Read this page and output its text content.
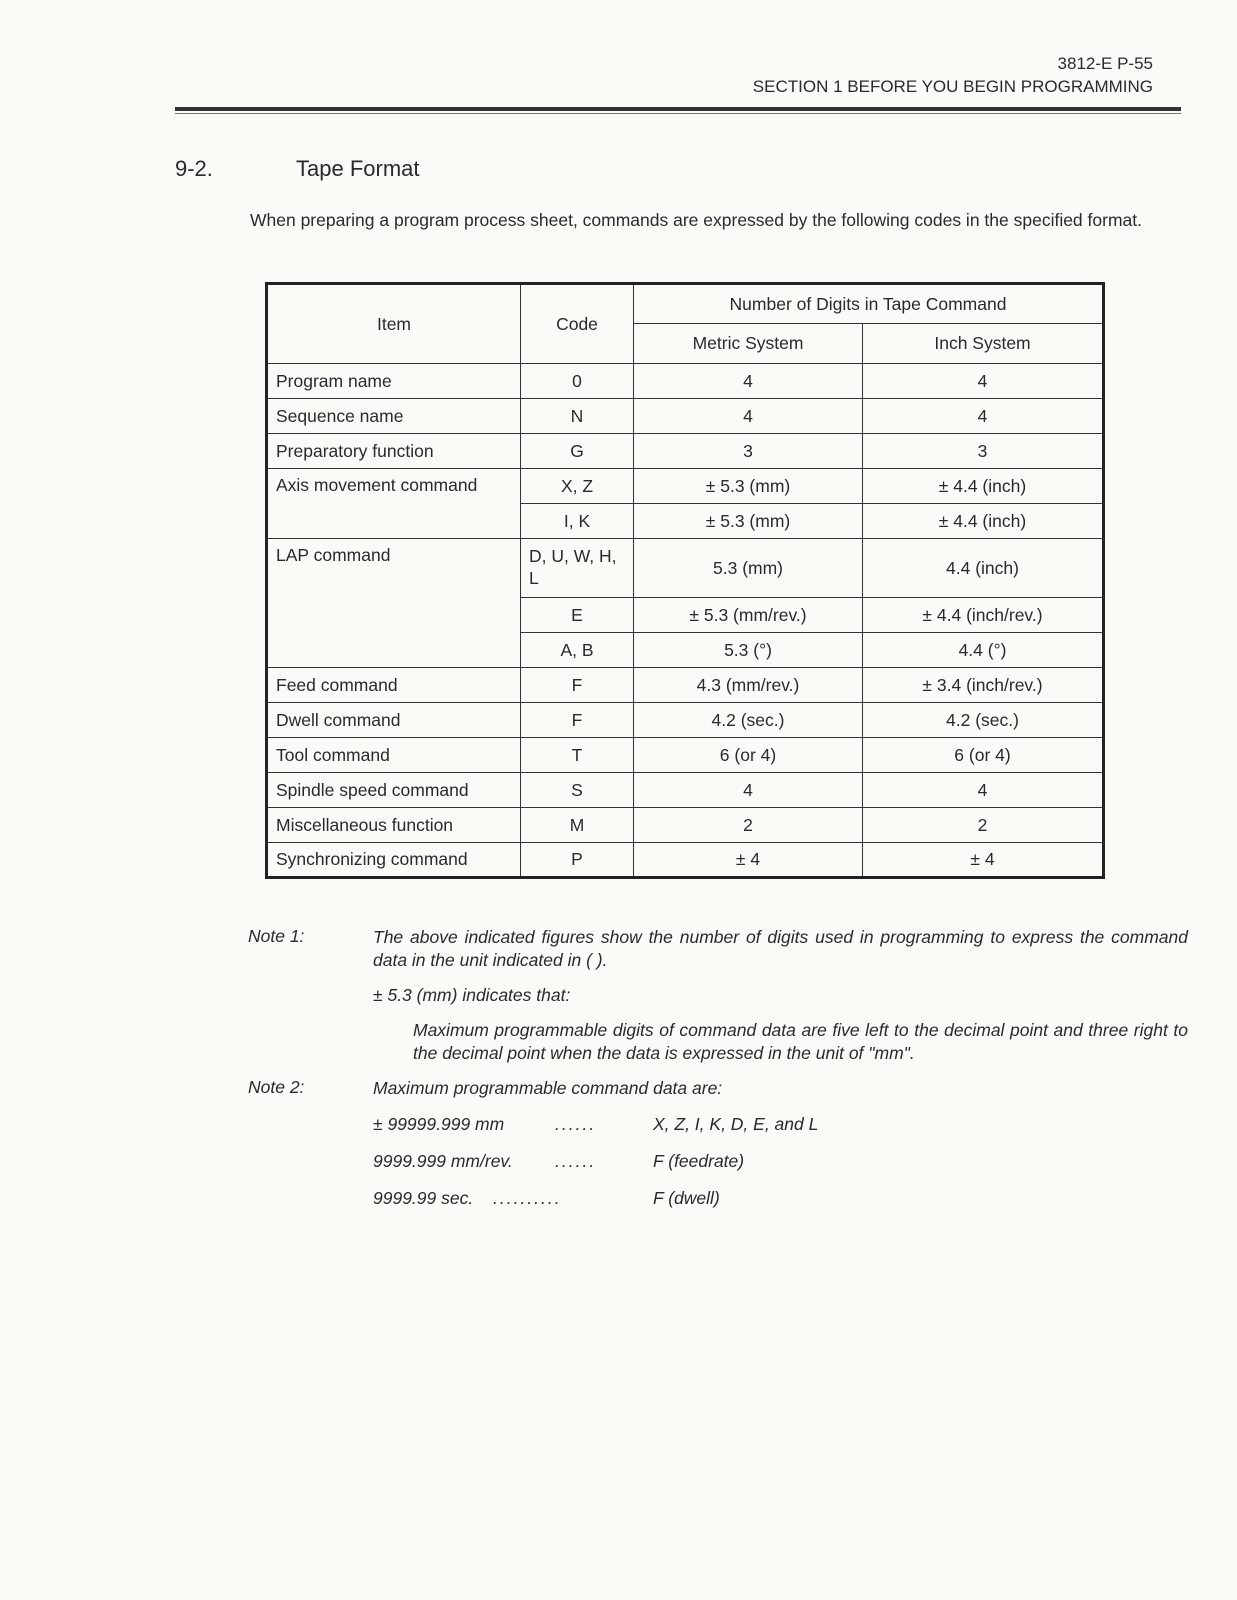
3812-E P-55
SECTION 1 BEFORE YOU BEGIN PROGRAMMING
9-2.	Tape Format
When preparing a program process sheet, commands are expressed by the following codes in the specified format.
Item	Code	Number of Digits in Tape Command	
		Metric System	Inch System
Program name	0	4	4
Sequence name	N	4	4
Preparatory function	G	3	3
Axis movement command	X, Z	± 5.3 (mm)	± 4.4 (inch)
	I, K	± 5.3 (mm)	± 4.4 (inch)
LAP command	D, U, W, H, L	5.3 (mm)	4.4 (inch)
	E	± 5.3 (mm/rev.)	± 4.4 (inch/rev.)
	A, B	5.3 (°)	4.4 (°)
Feed command	F	4.3 (mm/rev.)	± 3.4 (inch/rev.)
Dwell command	F	4.2 (sec.)	4.2 (sec.)
Tool command	T	6 (or 4)	6 (or 4)
Spindle speed command	S	4	4
Miscellaneous function	M	2	2
Synchronizing command	P	± 4	± 4
Note 1:	The above indicated figures show the number of digits used in programming to express the command data in the unit indicated in ( ).
± 5.3 (mm) indicates that:
Maximum programmable digits of command data are five left to the decimal point and three right to the decimal point when the data is expressed in the unit of "mm".
Note 2:	Maximum programmable command data are:
± 99999.999 mm	......	X, Z, I, K, D, E, and L
9999.999 mm/rev. ......	F (feedrate)
9999.99 sec. ..........	F (dwell)
